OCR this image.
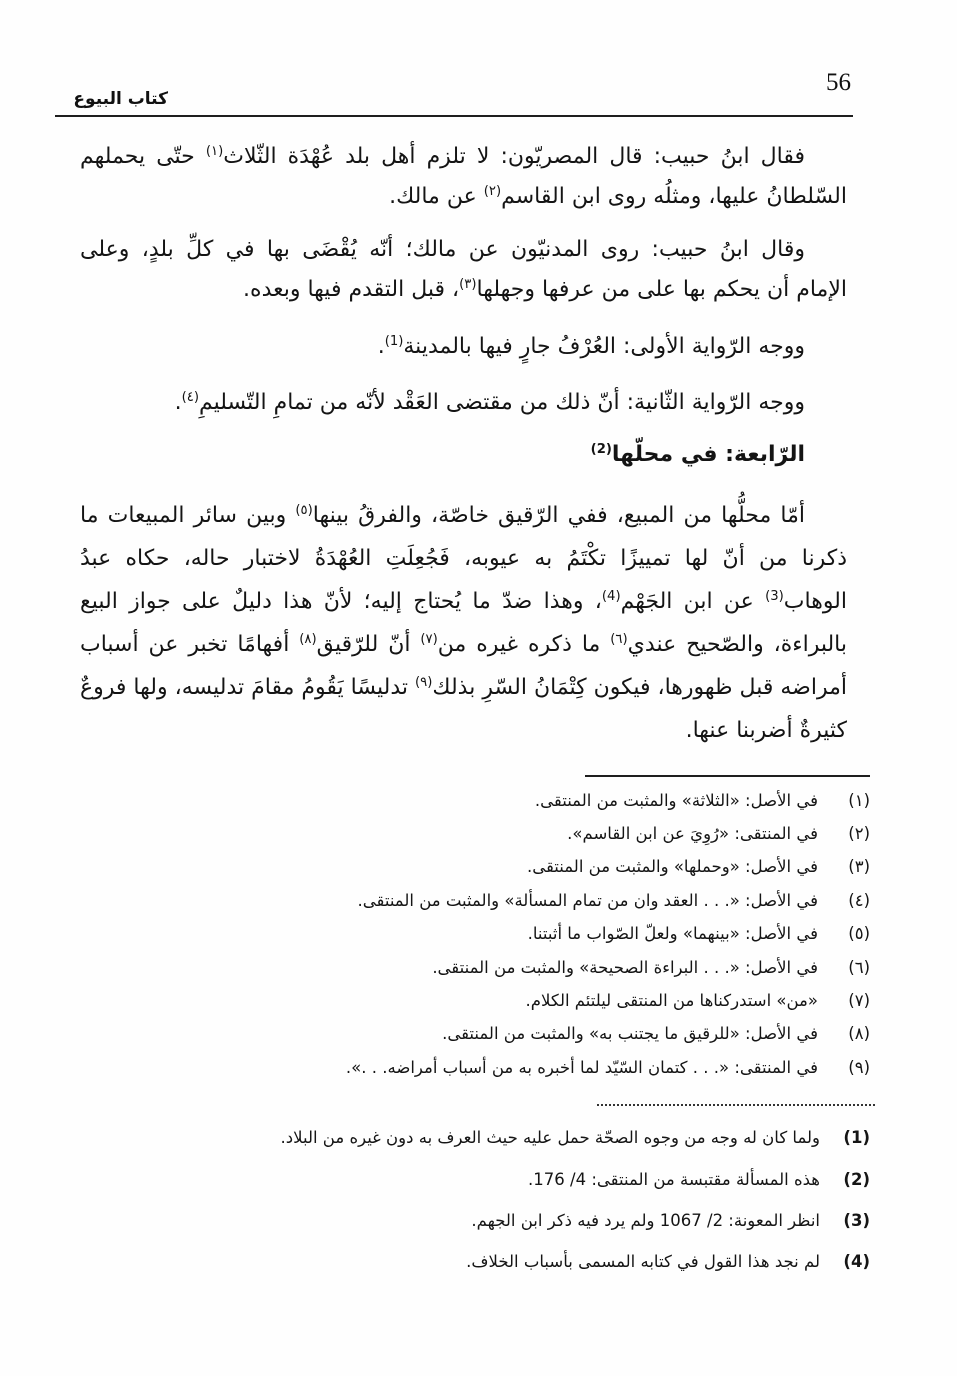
56
كتاب البيوع
فقال ابنُ حبيب: قال المصريّون: لا تلزم أهل بلد عُهْدَة الثّلاث$^{(١)}$ حتّى يحملهم
السّلطانُ عليها، ومثلُه روى ابن القاسم$^{(٢)}$ عن مالك.
وقال ابنُ حبيب: روى المدنيّون عن مالك؛ أنّه يُقْضَى بها في كلِّ بلدٍ، وعلى
الإمام أن يحكم بها على من عرفها وجهلها$^{(٣)}$، قبل التقدم فيها وبعده.
ووجه الرّواية الأولى: العُرْفُ جارٍ فيها بالمدينة$^{(1)}$.
ووجه الرّواية الثّانية: أنّ ذلك من مقتضى العَقْد لأنّه من تمامِ التّسليمِ$^{(٤)}$.
الرّابعة: في محلّها$^{(2)}$
أمّا محلُّها من المبيع، ففي الرّقيق خاصّة، والفرقُ بينها$^{(٥)}$ وبين سائر المبيعات ما
ذكرنا من أنّ لها تمييزًا تكْتَمُ به عيوبه، فَجُعِلَتِ العُهْدَةُ لاختبار حاله، حكاه عبدُ
الوهاب$^{(3)}$ عن ابن الجَهْم$^{(4)}$، وهذا ضدّ ما يُحتاج إليه؛ لأنّ هذا دليلٌ على جواز البيع
بالبراءة، والصّحيح عندي$^{(٦)}$ ما ذكره غيره من$^{(٧)}$ أنّ للرّقيق$^{(٨)}$ أفهامًا تخبر عن أسباب
أمراضه قبل ظهورها، فيكون كِتْمَانُ السّرِ بذلك$^{(٩)}$ تدليسًا يَقُومُ مقامَ تدليسه، ولها فروعٌ
كثيرةٌ أضربنا عنها.
(١)في الأصل: «الثلاثة» والمثبت من المنتقى.
(٢)في المنتقى: «رُوِيَ عن ابن القاسم».
(٣)في الأصل: «وحملها» والمثبت من المنتقى.
(٤)في الأصل: «. . . العقد وان من تمام المسألة» والمثبت من المنتقى.
(٥)في الأصل: «بينهما» ولعلّ الصّواب ما أثبتنا.
(٦)في الأصل: «. . . البراءة الصحيحة» والمثبت من المنتقى.
(٧)«من» استدركناها من المنتقى ليلتئم الكلام.
(٨)في الأصل: «للرقيق ما يجتنب به» والمثبت من المنتقى.
(٩)في المنتقى: «. . . كتمان السّيّد لما أخبره به من أسباب أمراضه. . .».
(1)ولما كان له وجه من وجوه الصحّة حمل عليه حيث العرف به دون غيره من البلاد.
(2)هذه المسألة مقتبسة من المنتقى: 4/ 176.
(3)انظر المعونة: 2/ 1067 ولم يرد فيه ذكر ابن الجهم.
(4)لم نجد هذا القول في كتابه المسمى بأسباب الخلاف.
